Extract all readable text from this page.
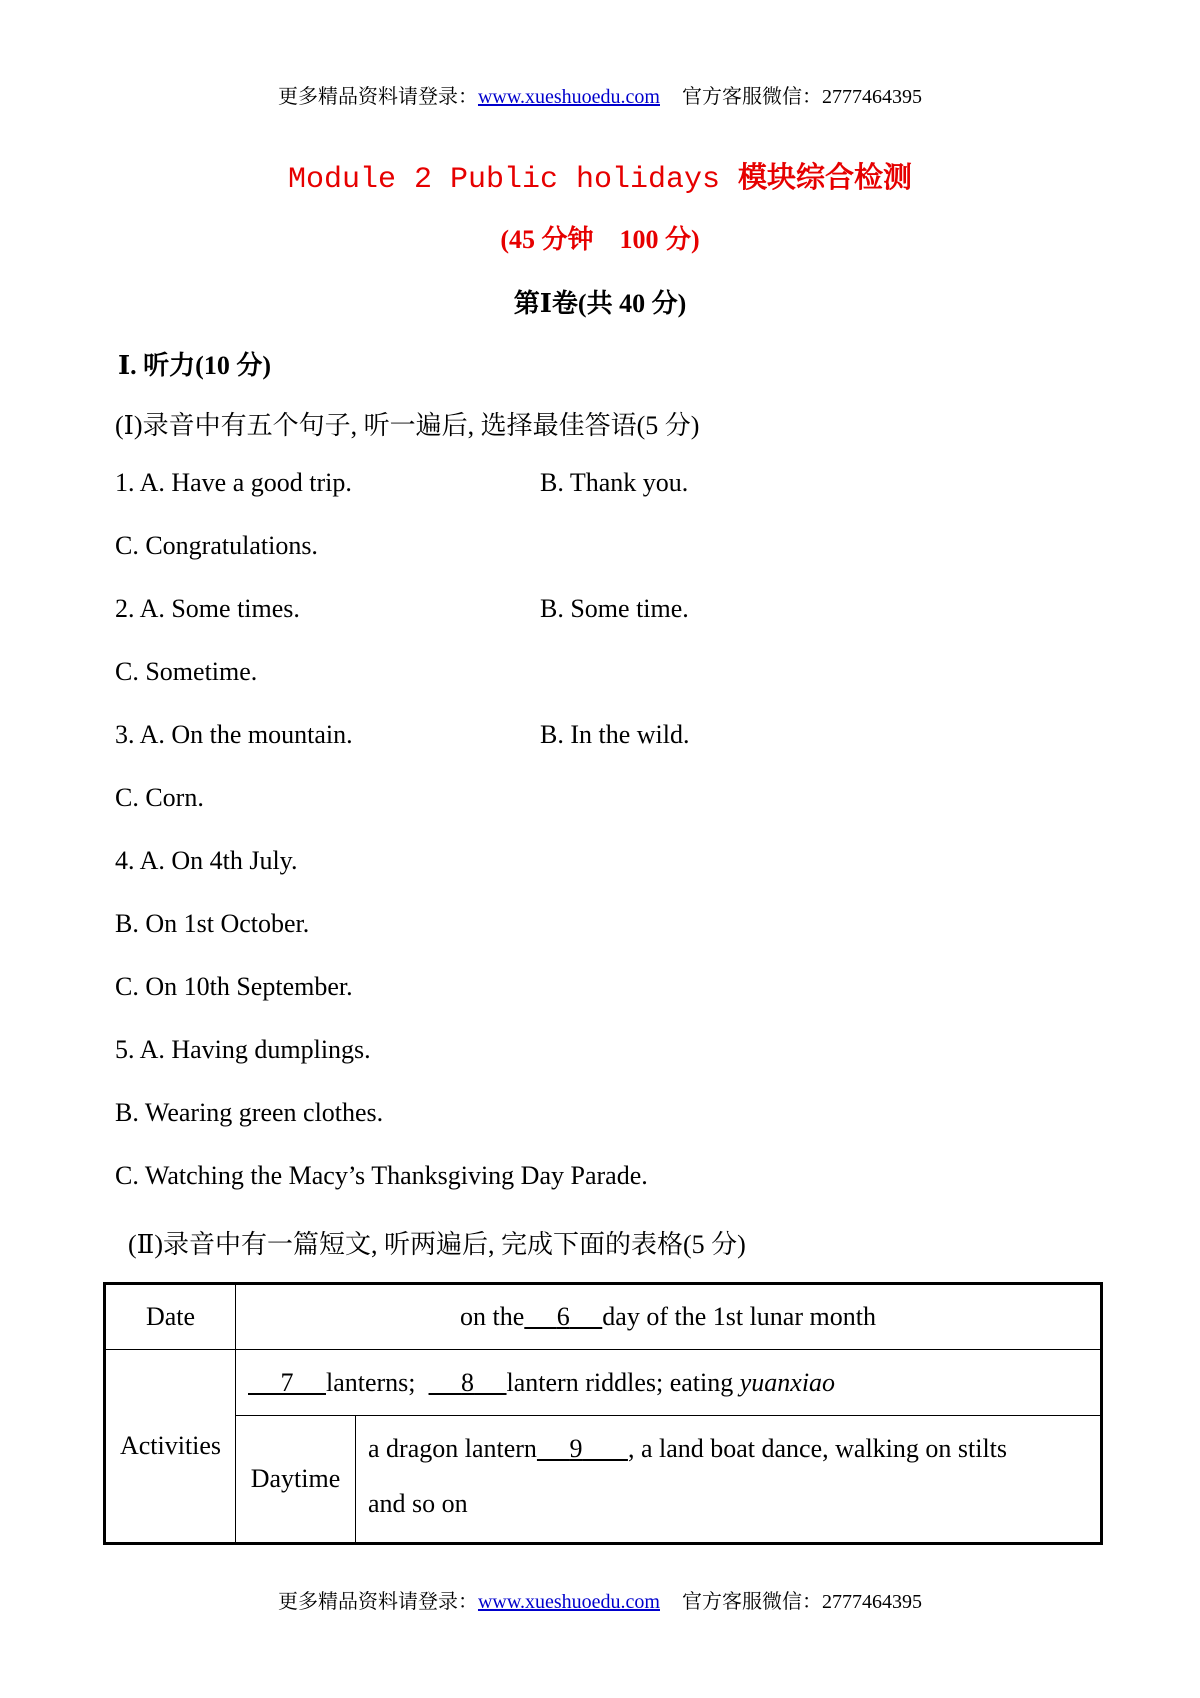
更多精品资料请登录：www.xueshuoedu.com 官方客服微信：2777464395
Module 2 Public holidays 模块综合检测
(45 分钟　100 分)
第Ⅰ卷(共 40 分)
Ⅰ. 听力(10 分)
(Ⅰ)录音中有五个句子, 听一遍后, 选择最佳答语(5 分)
1. A. Have a good trip.	B. Thank you.
C. Congratulations.
2. A. Some times.	B. Some time.
C. Sometime.
3. A. On the mountain.	B. In the wild.
C. Corn.
4. A. On 4th July.
B. On 1st October.
C. On 10th September.
5. A. Having dumplings.
B. Wearing green clothes.
C. Watching the Macy’s Thanksgiving Day Parade.
(Ⅱ)录音中有一篇短文, 听两遍后, 完成下面的表格(5 分)
Date	on the 6 day of the 1st lunar month	
Activities	7 lanterns; 8 lantern riddles; eating yuanxiao	
	Daytime	a dragon lantern 9 , a land boat dance, walking on stilts
and so on
更多精品资料请登录：www.xueshuoedu.com 官方客服微信：2777464395
